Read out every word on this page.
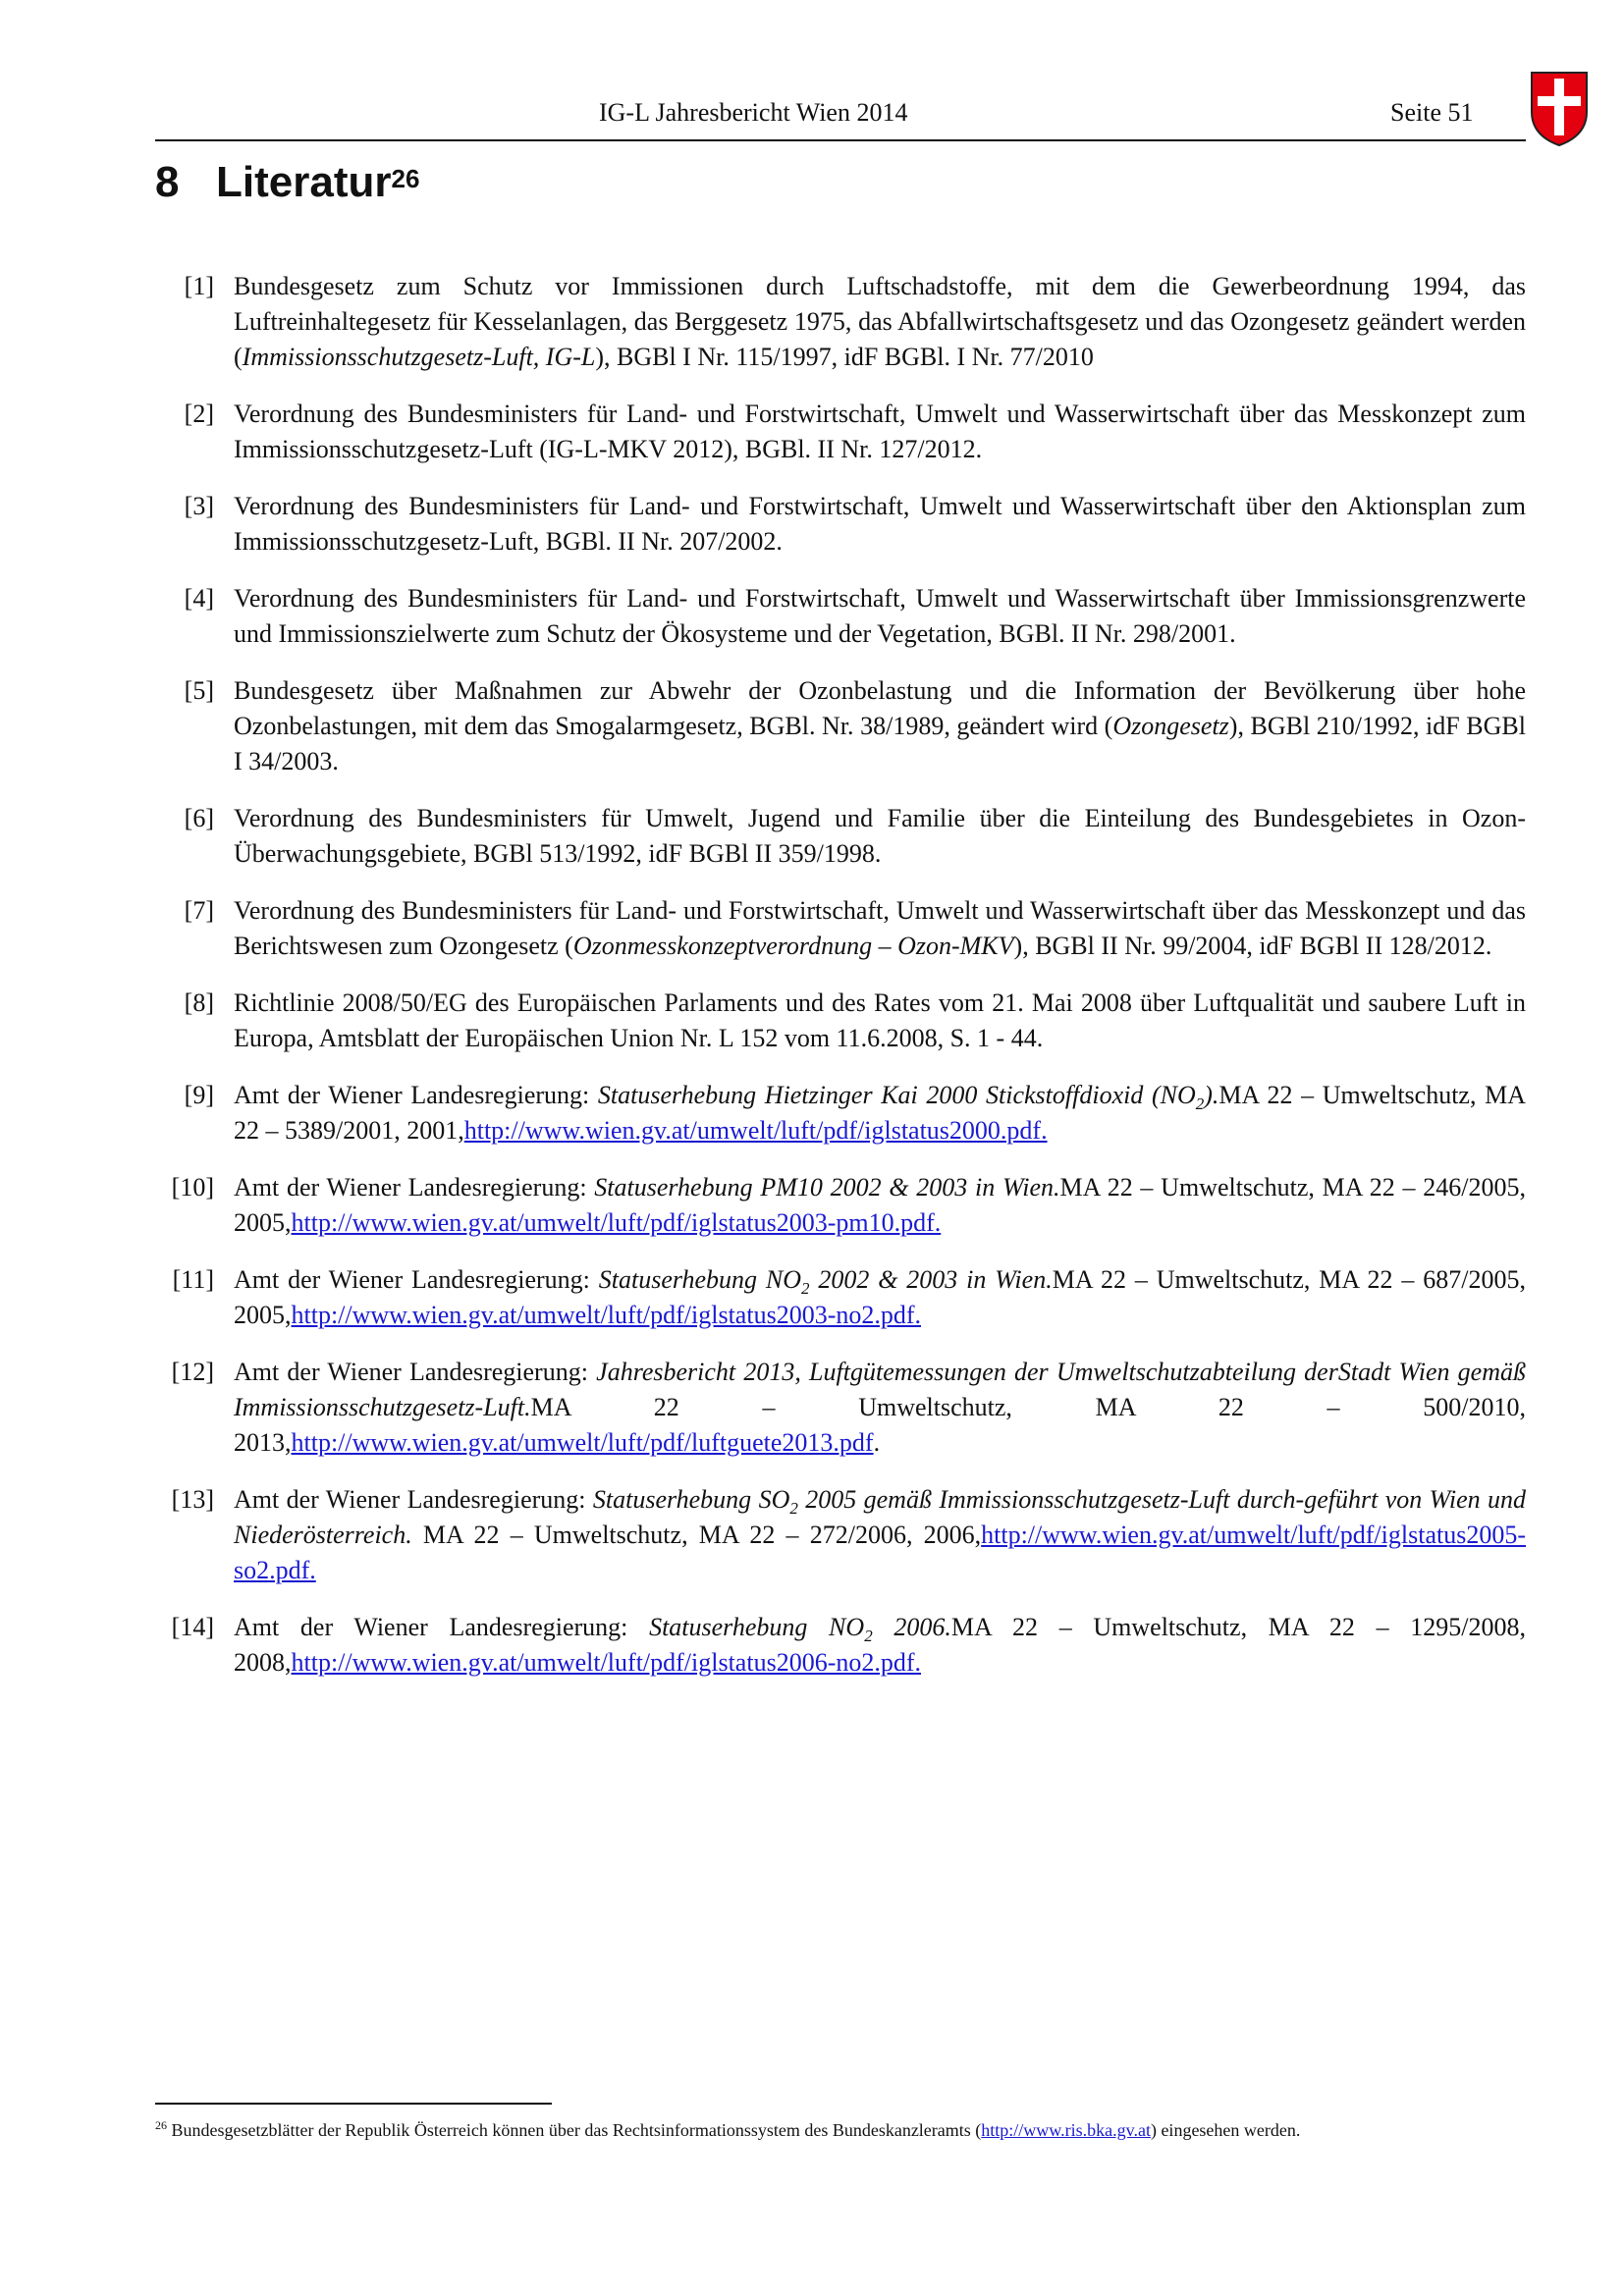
IG-L Jahresbericht Wien 2014	Seite 51
8 Literatur$^{26}$
[1] Bundesgesetz zum Schutz vor Immissionen durch Luftschadstoffe, mit dem die Gewerbeordnung 1994, das Luftreinhaltegesetz für Kesselanlagen, das Berggesetz 1975, das Abfallwirtschaftsgesetz und das Ozongesetz geändert werden (Immissionsschutzgesetz-Luft, IG-L), BGBl I Nr. 115/1997, idF BGBl. I Nr. 77/2010
[2] Verordnung des Bundesministers für Land- und Forstwirtschaft, Umwelt und Wasserwirtschaft über das Messkonzept zum Immissionsschutzgesetz-Luft (IG-L-MKV 2012), BGBl. II Nr. 127/2012.
[3] Verordnung des Bundesministers für Land- und Forstwirtschaft, Umwelt und Wasserwirtschaft über den Aktionsplan zum Immissionsschutzgesetz-Luft, BGBl. II Nr. 207/2002.
[4] Verordnung des Bundesministers für Land- und Forstwirtschaft, Umwelt und Wasserwirtschaft über Immissionsgrenzwerte und Immissionszielwerte zum Schutz der Ökosysteme und der Vegetation, BGBl. II Nr. 298/2001.
[5] Bundesgesetz über Maßnahmen zur Abwehr der Ozonbelastung und die Information der Bevölkerung über hohe Ozonbelastungen, mit dem das Smogalarmgesetz, BGBl. Nr. 38/1989, geändert wird (Ozongesetz), BGBl 210/1992, idF BGBl I 34/2003.
[6] Verordnung des Bundesministers für Umwelt, Jugend und Familie über die Einteilung des Bundesgebietes in Ozon-Überwachungsgebiete, BGBl 513/1992, idF BGBl II 359/1998.
[7] Verordnung des Bundesministers für Land- und Forstwirtschaft, Umwelt und Wasserwirtschaft über das Messkonzept und das Berichtswesen zum Ozongesetz (Ozonmesskonzeptverordnung – Ozon-MKV), BGBl II Nr. 99/2004, idF BGBl II 128/2012.
[8] Richtlinie 2008/50/EG des Europäischen Parlaments und des Rates vom 21. Mai 2008 über Luftqualität und saubere Luft in Europa, Amtsblatt der Europäischen Union Nr. L 152 vom 11.6.2008, S. 1 - 44.
[9] Amt der Wiener Landesregierung: Statuserhebung Hietzinger Kai 2000 Stickstoffdioxid $(NO_2).MA$ 22 – Umweltschutz, MA 22 – 5389/2001, 2001,http://www.wien.gv.at/umwelt/luft/pdf/iglstatus2000.pdf.
[10] Amt der Wiener Landesregierung: Statuserhebung PM10 2002 & 2003 in Wien.MA 22 – Umweltschutz, MA 22 – 246/2005, 2005,http://www.wien.gv.at/umwelt/luft/pdf/iglstatus2003-pm10.pdf.
[11] Amt der Wiener Landesregierung: Statuserhebung $NO_2$ 2002 & 2003 in Wien.MA 22 – Umweltschutz, MA 22 – 687/2005, 2005,http://www.wien.gv.at/umwelt/luft/pdf/iglstatus2003-no2.pdf.
[12] Amt der Wiener Landesregierung: Jahresbericht 2013, Luftgütemessungen der Umweltschutzabteilung derStadt Wien gemäß Immissionsschutzgesetz-Luft.MA 22 – Umweltschutz, MA 22 – 500/2010, 2013,http://www.wien.gv.at/umwelt/luft/pdf/luftguete2013.pdf.
[13] Amt der Wiener Landesregierung: Statuserhebung $SO_2$ 2005 gemäß Immissionsschutzgesetz-Luft durch-geführt von Wien und Niederösterreich. MA 22 – Umweltschutz, MA 22 – 272/2006, 2006,http://www.wien.gv.at/umwelt/luft/pdf/iglstatus2005-so2.pdf.
[14] Amt der Wiener Landesregierung: Statuserhebung $NO_2$ 2006.MA 22 – Umweltschutz, MA 22 – 1295/2008, 2008,http://www.wien.gv.at/umwelt/luft/pdf/iglstatus2006-no2.pdf.
$^{26}$ Bundesgesetzblätter der Republik Österreich können über das Rechtsinformationssystem des Bundeskanzleramts (http://www.ris.bka.gv.at) eingesehen werden.
